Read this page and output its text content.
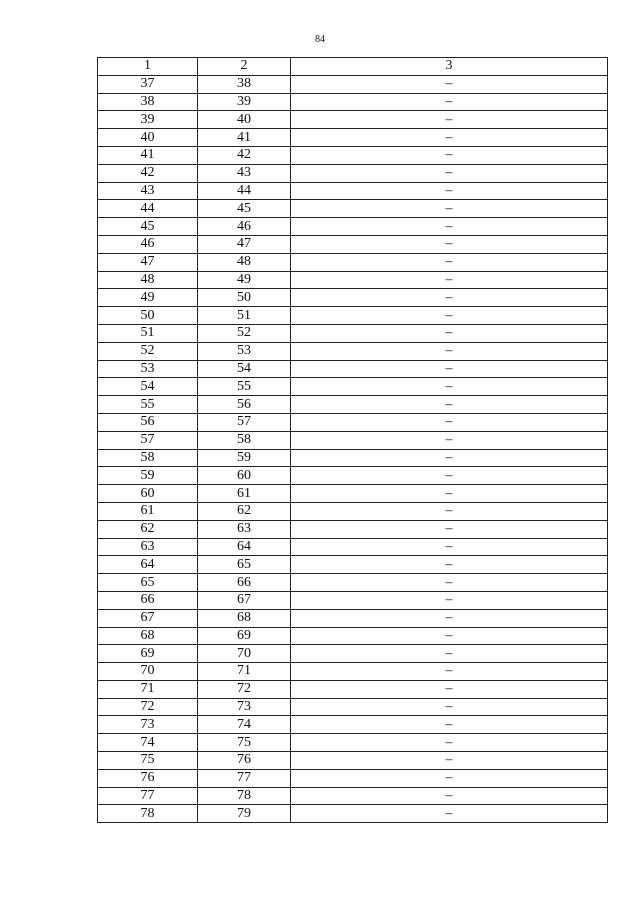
84
1	2	3
37	38	–
38	39	–
39	40	–
40	41	–
41	42	–
42	43	–
43	44	–
44	45	–
45	46	–
46	47	–
47	48	–
48	49	–
49	50	–
50	51	–
51	52	–
52	53	–
53	54	–
54	55	–
55	56	–
56	57	–
57	58	–
58	59	–
59	60	–
60	61	–
61	62	–
62	63	–
63	64	–
64	65	–
65	66	–
66	67	–
67	68	–
68	69	–
69	70	–
70	71	–
71	72	–
72	73	–
73	74	–
74	75	–
75	76	–
76	77	–
77	78	–
78	79	–
